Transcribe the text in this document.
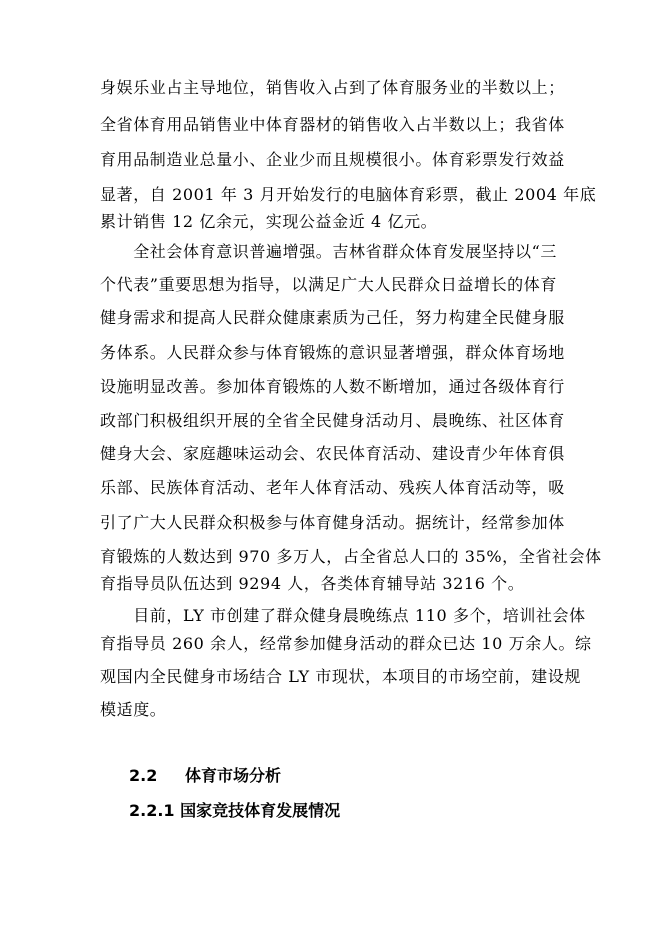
身娱乐业占主导地位，销售收入占到了体育服务业的半数以上；
全省体育用品销售业中体育器材的销售收入占半数以上；我省体
育用品制造业总量小、企业少而且规模很小。体育彩票发行效益
显著，自 2001 年 3 月开始发行的电脑体育彩票，截止 2004 年底
累计销售 12 亿余元，实现公益金近 4 亿元。
　　全社会体育意识普遍增强。吉林省群众体育发展坚持以“三
个代表”重要思想为指导，以满足广大人民群众日益增长的体育
健身需求和提高人民群众健康素质为己任，努力构建全民健身服
务体系。人民群众参与体育锻炼的意识显著增强，群众体育场地
设施明显改善。参加体育锻炼的人数不断增加，通过各级体育行
政部门积极组织开展的全省全民健身活动月、晨晚练、社区体育
健身大会、家庭趣味运动会、农民体育活动、建设青少年体育俱
乐部、民族体育活动、老年人体育活动、残疾人体育活动等，吸
引了广大人民群众积极参与体育健身活动。据统计，经常参加体
育锻炼的人数达到 970 多万人，占全省总人口的 35%，全省社会体
育指导员队伍达到 9294 人，各类体育辅导站 3216 个。
　　目前，LY 市创建了群众健身晨晚练点 110 多个，培训社会体
育指导员 260 余人，经常参加健身活动的群众已达 10 万余人。综
观国内全民健身市场结合 LY 市现状，本项目的市场空前，建设规
模适度。
2.2 体育市场分析
2.2.1 国家竞技体育发展情况
